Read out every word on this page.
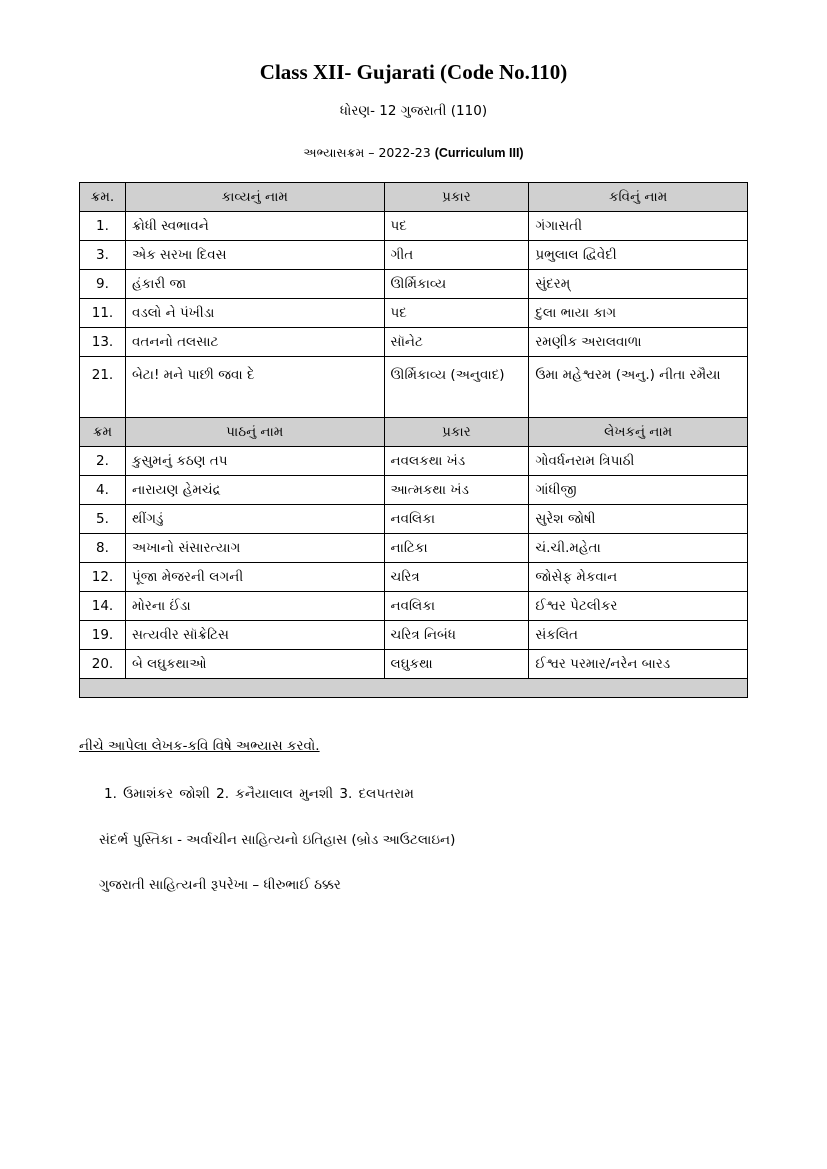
Class XII- Gujarati (Code No.110)
ધોરણ- 12 ગુજરાતી (110)
અભ્યાસક્રમ – 2022-23 (Curriculum III)
ક્રમ.	કાવ્યનું નામ	પ્રકાર	કવિનું નામ
1.	ક્રોધી સ્વભાવને	પદ	ગંગાસતી
3.	એક સરખા દિવસ	ગીત	પ્રભુલાલ દ્વિવેદી
9.	હંકારી જા	ઊર્મિકાવ્ય	સુંદરમ્
11.	વડલો ને પંખીડા	પદ	દુલા ભાયા કાગ
13.	વતનનો તલસાટ	સૉનેટ	રમણીક અરાલવાળા
21.	બેટા! મને પાછી જવા દે	ઊર્મિકાવ્ય (અનુવાદ)	ઉમા મહેશ્વરમ (અનુ.) નીતા રમૈયા
ક્રમ	પાઠનું નામ	પ્રકાર	લેખકનું નામ
2.	કુસુમનું કઠણ તપ	નવલકથા ખંડ	ગોવર્ધનરામ ત્રિપાઠી
4.	નારાયણ હેમચંદ્ર	આત્મકથા ખંડ	ગાંધીજી
5.	થીંગડું	નવલિકા	સુરેશ જોષી
8.	અખાનો સંસારત્યાગ	નાટિકા	ચં.ચી.મહેતા
12.	પૂંજા મેજરની લગની	ચરિત્ર	જોસેફ મેકવાન
14.	મોરના ઈંડા	નવલિકા	ઈશ્વર પેટલીકર
19.	સત્યવીર સૉક્રેટિસ	ચરિત્ર નિબંધ	સંકલિત
20.	બે લઘુકથાઓ	લઘુકથા	ઈશ્વર પરમાર/નરેન બારડ

નીચે આપેલા લેખક-કવિ વિષે અભ્યાસ કરવો.
1. ઉમાશંકર જોશી 2. કનૈયાલાલ મુનશી 3. દલપતરામ
સંદર્ભ પુસ્તિકા - અર્વાચીન સાહિત્યનો ઇતિહાસ (બ્રોડ આઉટલાઇન)
ગુજરાતી સાહિત્યની રૂપરેખા – ધીરુભાઈ ઠક્કર
